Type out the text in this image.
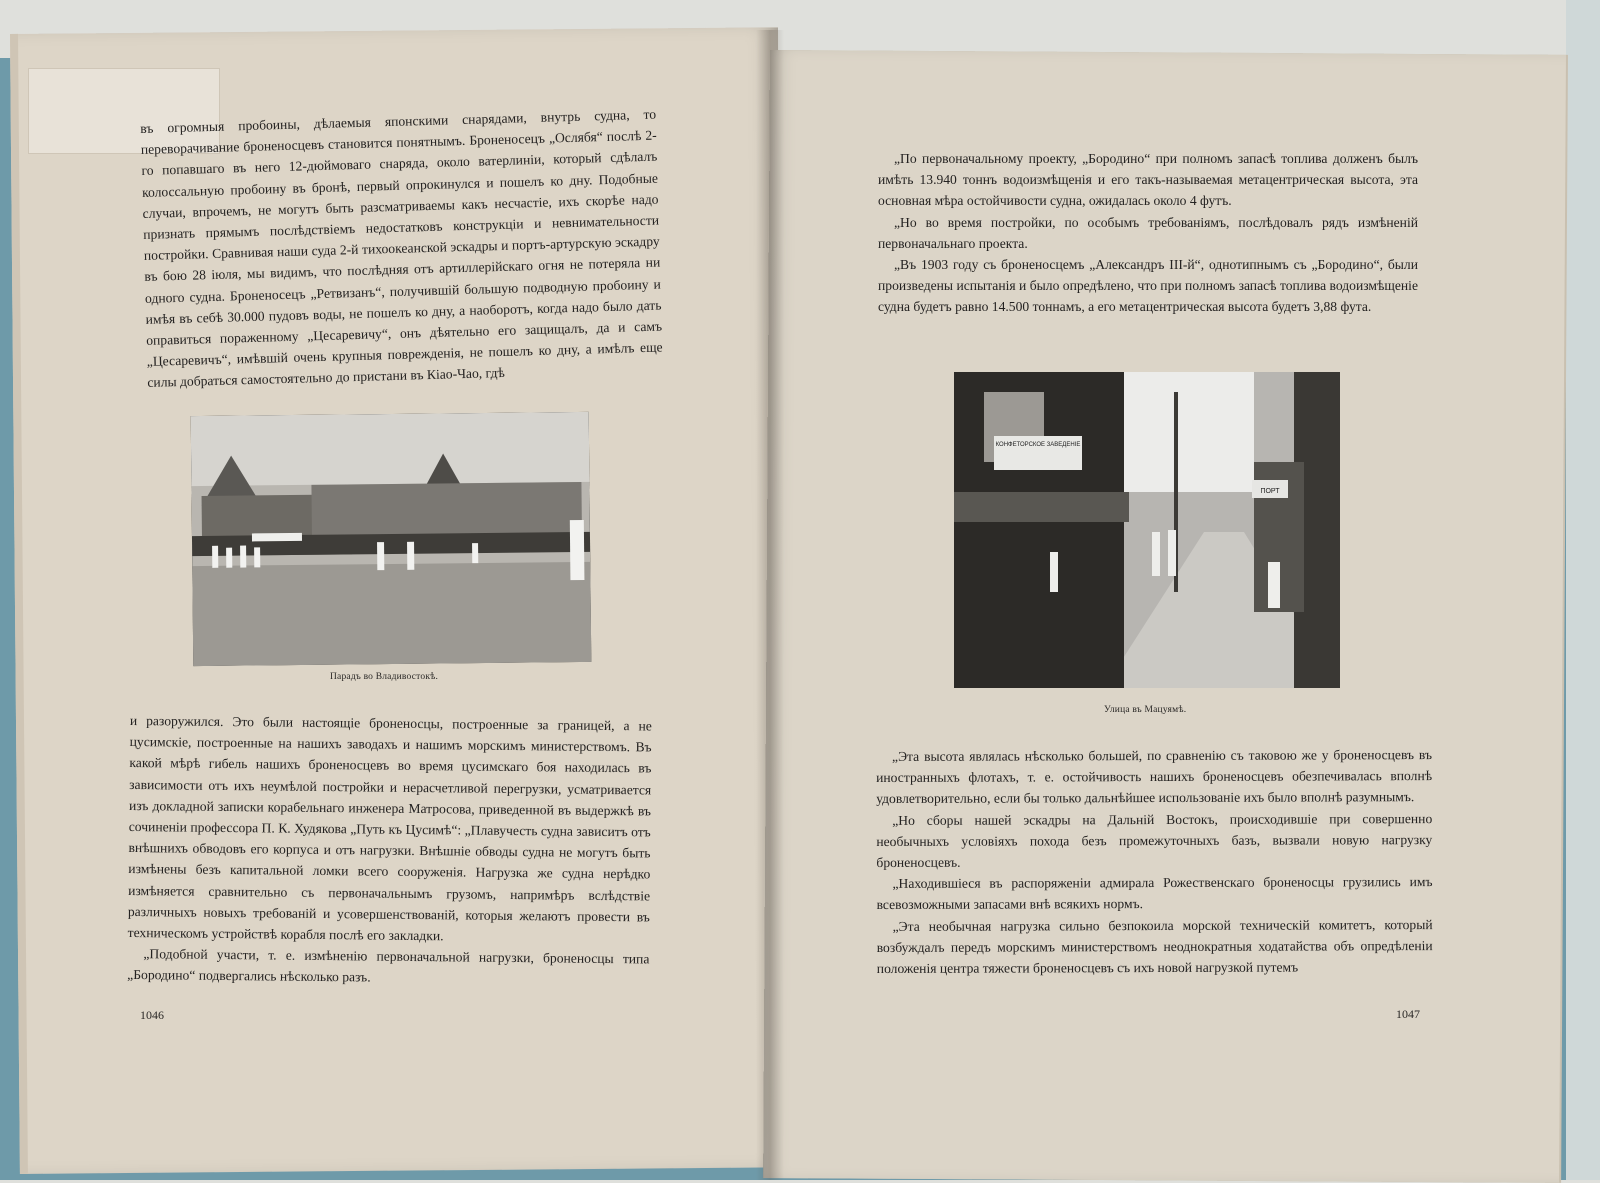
въ огромныя пробоины, дѣлаемыя японскими снарядами, внутрь судна, то переворачивание броненосцевъ становится понятнымъ. Броненосецъ „Ослябя“ послѣ 2-го попавшаго въ него 12-дюймоваго снаряда, около ватерлиніи, который сдѣлалъ колоссальную пробоину въ бронѣ, первый опрокинулся и пошелъ ко дну. Подобные случаи, впрочемъ, не могутъ быть разсматриваемы какъ несчастіе, ихъ скорѣе надо признать прямымъ послѣдствіемъ недостатковъ конструкціи и невнимательности постройки. Сравнивая наши суда 2-й тихоокеанской эскадры и портъ-артурскую эскадру въ бою 28 іюля, мы видимъ, что послѣдняя отъ артиллерійскаго огня не потеряла ни одного судна. Броненосецъ „Ретвизанъ“, получившій большую подводную пробоину и имѣя въ себѣ 30.000 пудовъ воды, не пошелъ ко дну, а наоборотъ, когда надо было дать оправиться пораженному „Цесаревичу“, онъ дѣятельно его защищалъ, да и самъ „Цесаревичъ“, имѣвшій очень крупныя поврежденія, не пошелъ ко дну, а имѣлъ еще силы добраться самостоятельно до пристани въ Кіао-Чао, гдѣ

Парадъ во Владивостокѣ.

и разоружился. Это были настоящіе броненосцы, построенные за границей, а не цусимскіе, построенные на нашихъ заводахъ и нашимъ морскимъ министерствомъ. Въ какой мѣрѣ гибель нашихъ броненосцевъ во время цусимскаго боя находилась въ зависимости отъ ихъ неумѣлой постройки и нерасчетливой перегрузки, усматривается изъ докладной записки корабельнаго инженера Матросова, приведенной въ выдержкѣ въ сочиненіи профессора П. К. Худякова „Путь къ Цусимѣ“: „Плавучесть судна зависитъ отъ внѣшнихъ обводовъ его корпуса и отъ нагрузки. Внѣшніе обводы судна не могутъ быть измѣнены безъ капитальной ломки всего сооруженія. Нагрузка же судна нерѣдко измѣняется сравнительно съ первоначальнымъ грузомъ, напримѣръ вслѣдствіе различныхъ новыхъ требованій и усовершенствованій, которыя желаютъ провести въ техническомъ устройствѣ корабля послѣ его закладки.

„Подобной участи, т. е. измѣненію первоначальной нагрузки, броненосцы типа „Бородино“ подвергались нѣсколько разъ.

1046

„По первоначальному проекту, „Бородино“ при полномъ запасѣ топлива долженъ былъ имѣть 13.940 тоннъ водоизмѣщенія и его такъ-называемая метацентрическая высота, эта основная мѣра остойчивости судна, ожидалась около 4 футъ.

„Но во время постройки, по особымъ требованіямъ, послѣдовалъ рядъ измѣненій первоначальнаго проекта.

„Въ 1903 году съ броненосцемъ „Александръ III-й“, однотипнымъ съ „Бородино“, были произведены испытанія и было опредѣлено, что при полномъ запасѣ топлива водоизмѣщеніе судна будетъ равно 14.500 тоннамъ, а его метацентрическая высота будетъ 3,88 фута.

КОНФЕТОРСКОЕ ЗАВЕДЕНІЕ
ПОРТ
Улица въ Мацуямѣ.

„Эта высота являлась нѣсколько большей, по сравненію съ таковою же у броненосцевъ въ иностранныхъ флотахъ, т. е. остойчивость нашихъ броненосцевъ обезпечивалась вполнѣ удовлетворительно, если бы только дальнѣйшее использованіе ихъ было вполнѣ разумнымъ.

„Но сборы нашей эскадры на Дальній Востокъ, происходившіе при совершенно необычныхъ условіяхъ похода безъ промежуточныхъ базъ, вызвали новую нагрузку броненосцевъ.

„Находившіеся въ распоряженіи адмирала Рожественскаго броненосцы грузились имъ всевозможными запасами внѣ всякихъ нормъ.

„Эта необычная нагрузка сильно безпокоила морской техническій комитетъ, который возбуждалъ передъ морскимъ министерствомъ неоднократныя ходатайства объ опредѣленіи положенія центра тяжести броненосцевъ съ ихъ новой нагрузкой путемъ

1047
